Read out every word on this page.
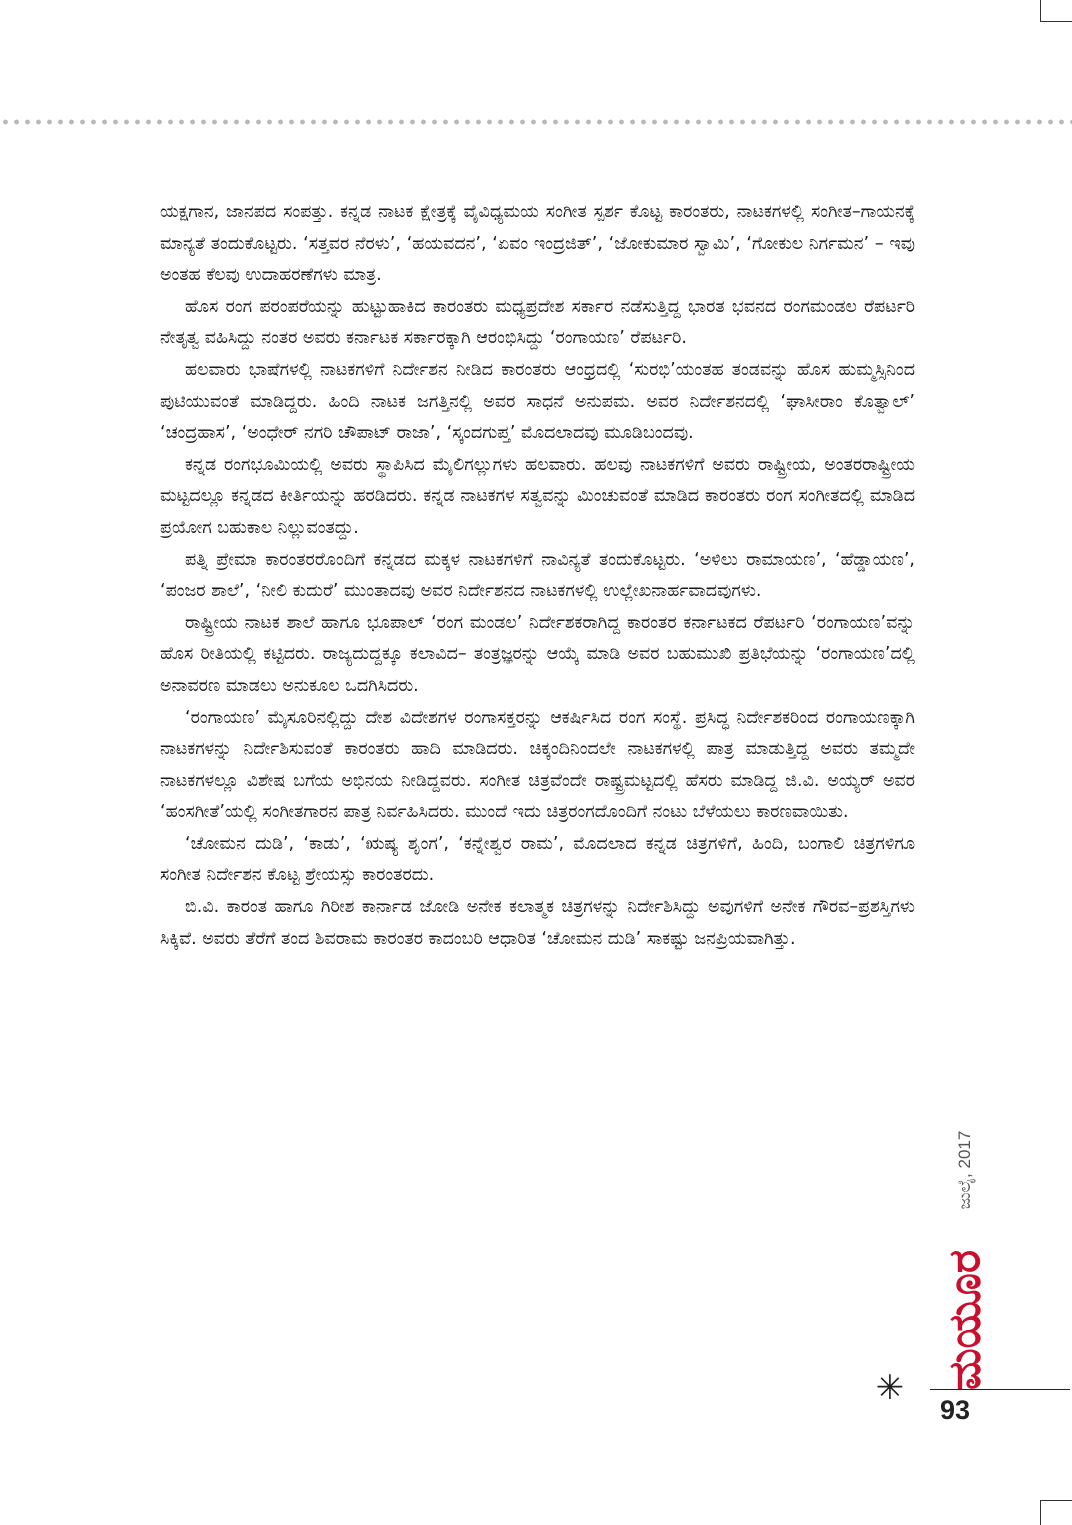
ಯಕ್ಷಗಾನ, ಜಾನಪದ ಸಂಪತ್ತು. ಕನ್ನಡ ನಾಟಕ ಕ್ಷೇತ್ರಕ್ಕೆ ವೈವಿಧ್ಯಮಯ ಸಂಗೀತ ಸ್ಪರ್ಶ ಕೊಟ್ಟ ಕಾರಂತರು, ನಾಟಕಗಳಲ್ಲಿ ಸಂಗೀತ–ಗಾಯನಕ್ಕೆ ಮಾನ್ಯತೆ ತಂದುಕೊಟ್ಟರು. ‘ಸತ್ತವರ ನೆರಳು’, ‘ಹಯವದನ’, ‘ಏವಂ ಇಂದ್ರಜಿತ್’, ‘ಜೋಕುಮಾರ ಸ್ವಾಮಿ’, ‘ಗೋಕುಲ ನಿರ್ಗಮನ’ – ಇವು ಅಂತಹ ಕೆಲವು ಉದಾಹರಣೆಗಳು ಮಾತ್ರ.

ಹೊಸ ರಂಗ ಪರಂಪರೆಯನ್ನು ಹುಟ್ಟುಹಾಕಿದ ಕಾರಂತರು ಮಧ್ಯಪ್ರದೇಶ ಸರ್ಕಾರ ನಡೆಸುತ್ತಿದ್ದ ಭಾರತ ಭವನದ ರಂಗಮಂಡಲ ರೆಪರ್ಟರಿ ನೇತೃತ್ವ ವಹಿಸಿದ್ದು ನಂತರ ಅವರು ಕರ್ನಾಟಕ ಸರ್ಕಾರಕ್ಕಾಗಿ ಆರಂಭಿಸಿದ್ದು ‘ರಂಗಾಯಣ’ ರೆಪರ್ಟರಿ.

ಹಲವಾರು ಭಾಷೆಗಳಲ್ಲಿ ನಾಟಕಗಳಿಗೆ ನಿರ್ದೇಶನ ನೀಡಿದ ಕಾರಂತರು ಆಂಧ್ರದಲ್ಲಿ ‘ಸುರಭಿ’ಯಂತಹ ತಂಡವನ್ನು ಹೊಸ ಹುಮ್ಮಸ್ಸಿನಿಂದ ಪುಟಿಯುವಂತೆ ಮಾಡಿದ್ದರು. ಹಿಂದಿ ನಾಟಕ ಜಗತ್ತಿನಲ್ಲಿ ಅವರ ಸಾಧನೆ ಅನುಪಮ. ಅವರ ನಿರ್ದೇಶನದಲ್ಲಿ ‘ಘಾಸೀರಾಂ ಕೊತ್ವಾಲ್’ ‘ಚಂದ್ರಹಾಸ’, ‘ಅಂಧೇರ್ ನಗರಿ ಚೌಪಾಟ್ ರಾಜಾ’, ‘ಸ್ಕಂದಗುಪ್ತ’ ಮೊದಲಾದವು ಮೂಡಿಬಂದವು.

ಕನ್ನಡ ರಂಗಭೂಮಿಯಲ್ಲಿ ಅವರು ಸ್ಥಾಪಿಸಿದ ಮೈಲಿಗಲ್ಲುಗಳು ಹಲವಾರು. ಹಲವು ನಾಟಕಗಳಿಗೆ ಅವರು ರಾಷ್ಟ್ರೀಯ, ಅಂತರರಾಷ್ಟ್ರೀಯ ಮಟ್ಟದಲ್ಲೂ ಕನ್ನಡದ ಕೀರ್ತಿಯನ್ನು ಹರಡಿದರು. ಕನ್ನಡ ನಾಟಕಗಳ ಸತ್ವವನ್ನು ಮಿಂಚುವಂತೆ ಮಾಡಿದ ಕಾರಂತರು ರಂಗ ಸಂಗೀತದಲ್ಲಿ ಮಾಡಿದ ಪ್ರಯೋಗ ಬಹುಕಾಲ ನಿಲ್ಲುವಂತದ್ದು.

ಪತ್ನಿ ಪ್ರೇಮಾ ಕಾರಂತರರೊಂದಿಗೆ ಕನ್ನಡದ ಮಕ್ಕಳ ನಾಟಕಗಳಿಗೆ ನಾವಿನ್ಯತೆ ತಂದುಕೊಟ್ಟರು. ‘ಅಳಿಲು ರಾಮಾಯಣ’, ‘ಹೆಡ್ಡಾಯಣ’, ‘ಪಂಜರ ಶಾಲೆ’, ‘ನೀಲಿ ಕುದುರೆ’ ಮುಂತಾದವು ಅವರ ನಿರ್ದೇಶನದ ನಾಟಕಗಳಲ್ಲಿ ಉಲ್ಲೇಖನಾರ್ಹವಾದವುಗಳು.

ರಾಷ್ಟ್ರೀಯ ನಾಟಕ ಶಾಲೆ ಹಾಗೂ ಭೂಪಾಲ್ ‘ರಂಗ ಮಂಡಲ’ ನಿರ್ದೇಶಕರಾಗಿದ್ದ ಕಾರಂತರ ಕರ್ನಾಟಕದ ರೆಪರ್ಟರಿ ‘ರಂಗಾಯಣ’ವನ್ನು ಹೊಸ ರೀತಿಯಲ್ಲಿ ಕಟ್ಟಿದರು. ರಾಜ್ಯದುದ್ದಕ್ಕೂ ಕಲಾವಿದ– ತಂತ್ರಜ್ಞರನ್ನು ಆಯ್ಕೆ ಮಾಡಿ ಅವರ ಬಹುಮುಖಿ ಪ್ರತಿಭೆಯನ್ನು ‘ರಂಗಾಯಣ’ದಲ್ಲಿ ಅನಾವರಣ ಮಾಡಲು ಅನುಕೂಲ ಒದಗಿಸಿದರು.

‘ರಂಗಾಯಣ’ ಮೈಸೂರಿನಲ್ಲಿದ್ದು ದೇಶ ವಿದೇಶಗಳ ರಂಗಾಸಕ್ತರನ್ನು ಆಕರ್ಷಿಸಿದ ರಂಗ ಸಂಸ್ಥೆ. ಪ್ರಸಿದ್ಧ ನಿರ್ದೇಶಕರಿಂದ ರಂಗಾಯಣಕ್ಕಾಗಿ ನಾಟಕಗಳನ್ನು ನಿರ್ದೇಶಿಸುವಂತೆ ಕಾರಂತರು ಹಾದಿ ಮಾಡಿದರು. ಚಿಕ್ಕಂದಿನಿಂದಲೇ ನಾಟಕಗಳಲ್ಲಿ ಪಾತ್ರ ಮಾಡುತ್ತಿದ್ದ ಅವರು ತಮ್ಮದೇ ನಾಟಕಗಳಲ್ಲೂ ವಿಶೇಷ ಬಗೆಯ ಅಭಿನಯ ನೀಡಿದ್ದವರು. ಸಂಗೀತ ಚಿತ್ರವೆಂದೇ ರಾಷ್ಟ್ರಮಟ್ಟದಲ್ಲಿ ಹೆಸರು ಮಾಡಿದ್ದ ಜಿ.ವಿ. ಅಯ್ಯರ್ ಅವರ ‘ಹಂಸಗೀತೆ’ಯಲ್ಲಿ ಸಂಗೀತಗಾರನ ಪಾತ್ರ ನಿರ್ವಹಿಸಿದರು. ಮುಂದೆ ಇದು ಚಿತ್ರರಂಗದೊಂದಿಗೆ ನಂಟು ಬೆಳೆಯಲು ಕಾರಣವಾಯಿತು.

‘ಚೋಮನ ದುಡಿ’, ‘ಕಾಡು’, ‘ಋಷ್ಯ ಶೃಂಗ’, ‘ಕನ್ನೇಶ್ವರ ರಾಮ’, ಮೊದಲಾದ ಕನ್ನಡ ಚಿತ್ರಗಳಿಗೆ, ಹಿಂದಿ, ಬಂಗಾಲಿ ಚಿತ್ರಗಳಿಗೂ ಸಂಗೀತ ನಿರ್ದೇಶನ ಕೊಟ್ಟ ಶ್ರೇಯಸ್ಸು ಕಾರಂತರದು.

ಬಿ.ವಿ. ಕಾರಂತ ಹಾಗೂ ಗಿರೀಶ ಕಾರ್ನಾಡ ಜೋಡಿ ಅನೇಕ ಕಲಾತ್ಮಕ ಚಿತ್ರಗಳನ್ನು ನಿರ್ದೇಶಿಸಿದ್ದು ಅವುಗಳಿಗೆ ಅನೇಕ ಗೌರವ–ಪ್ರಶಸ್ತಿಗಳು ಸಿಕ್ಕಿವೆ. ಅವರು ತೆರೆಗೆ ತಂದ ಶಿವರಾಮ ಕಾರಂತರ ಕಾದಂಬರಿ ಆಧಾರಿತ ‘ಚೋಮನ ದುಡಿ’ ಸಾಕಷ್ಟು ಜನಪ್ರಿಯವಾಗಿತ್ತು.

ಜುಲೈ, 2017
ಮಯೂರ
✳
93
